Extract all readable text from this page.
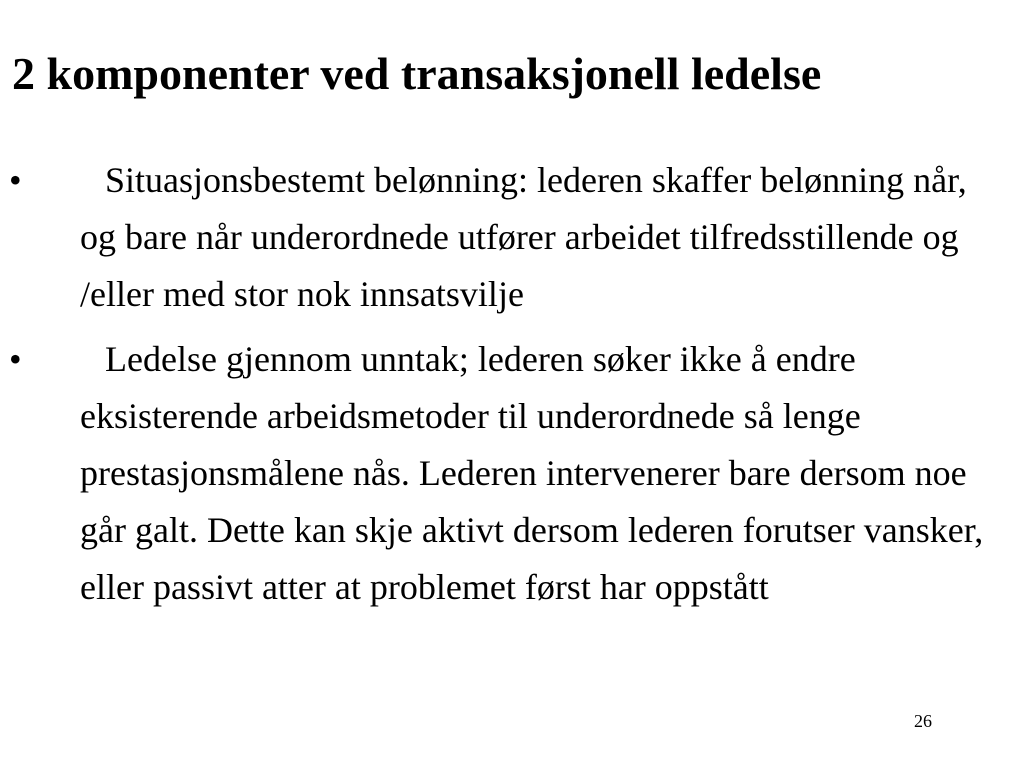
2 komponenter ved transaksjonell ledelse
• Situasjonsbestemt belønning: lederen skaffer belønning når, og bare når underordnede utfører arbeidet tilfredsstillende og /eller med stor nok innsatsvilje
• Ledelse gjennom unntak; lederen søker ikke å endre eksisterende arbeidsmetoder til underordnede så lenge prestasjonsmålene nås. Lederen intervenerer bare dersom noe går galt. Dette kan skje aktivt dersom lederen forutser vansker, eller passivt atter at problemet først har oppstått
26
